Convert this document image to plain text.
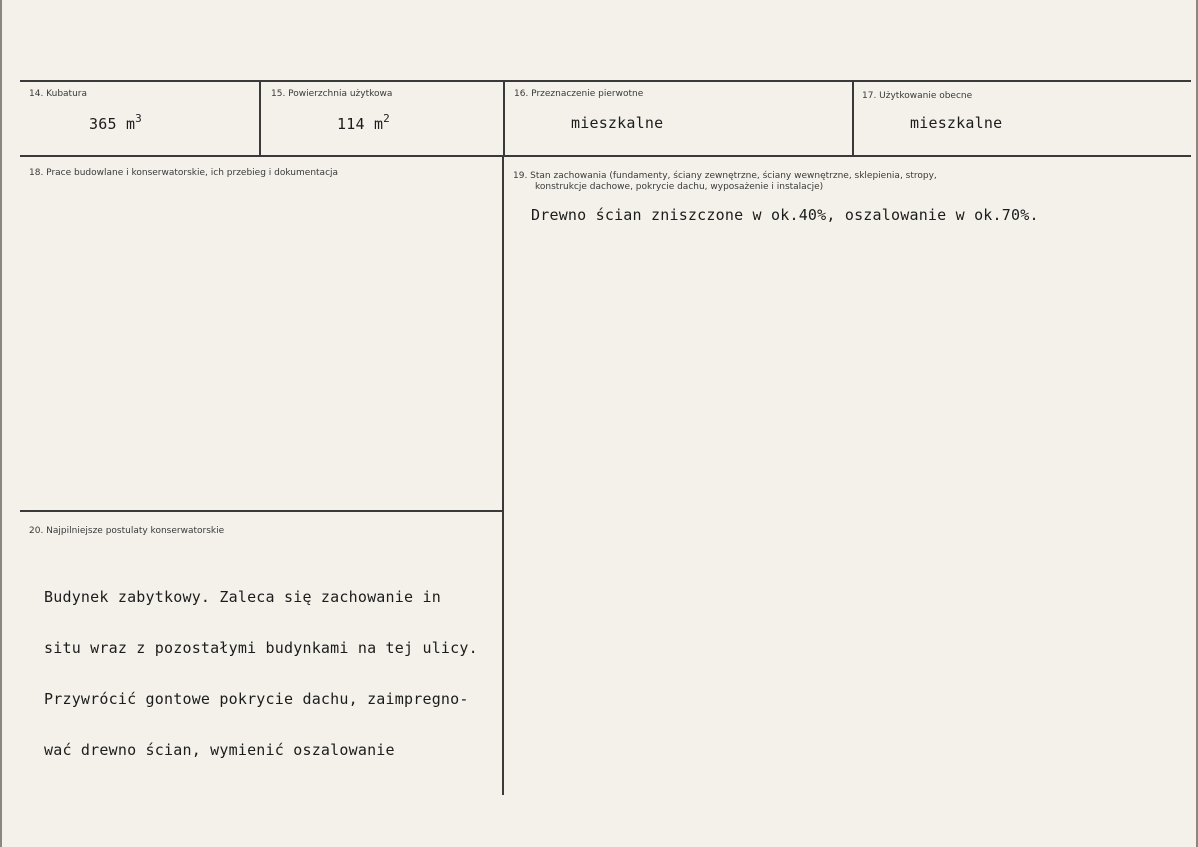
14. Kubatura
365 $m^3$
15. Powierzchnia użytkowa
114 $m^2$
16. Przeznaczenie pierwotne
mieszkalne
17. Użytkowanie obecne
mieszkalne
18. Prace budowlane i konserwatorskie, ich przebieg i dokumentacja	19. Stan zachowania (fundamenty, ściany zewnętrzne, ściany wewnętrzne, sklepienia, stropy,
konstrukcje dachowe, pokrycie dachu, wyposażenie i instalacje)
Drewno ścian zniszczone w ok.40%, oszalowanie w ok.70%.
20. Najpilniejsze postulaty konserwatorskie

Budynek zabytkowy. Zaleca się zachowanie in

situ wraz z pozostałymi budynkami na tej ulicy.

Przywrócić gontowe pokrycie dachu, zaimpregno-

wać drewno ścian, wymienić oszalowanie
